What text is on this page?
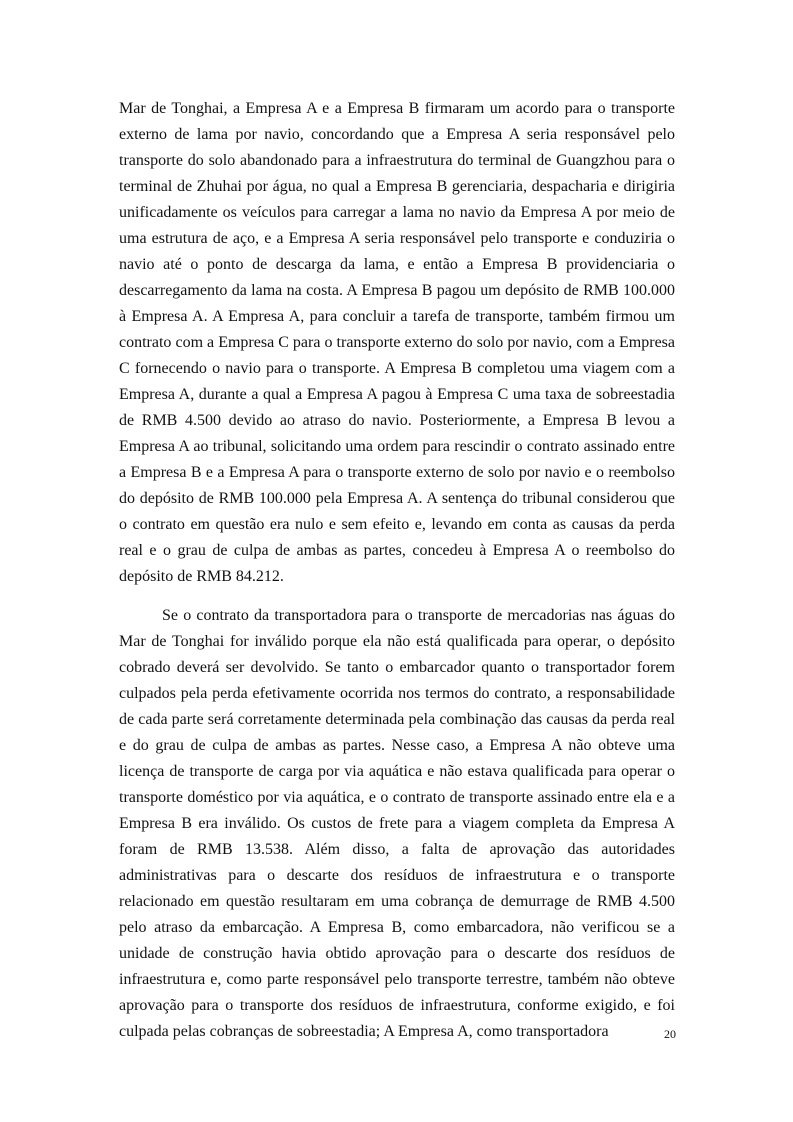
Mar de Tonghai, a Empresa A e a Empresa B firmaram um acordo para o transporte externo de lama por navio, concordando que a Empresa A seria responsável pelo transporte do solo abandonado para a infraestrutura do terminal de Guangzhou para o terminal de Zhuhai por água, no qual a Empresa B gerenciaria, despacharia e dirigiria unificadamente os veículos para carregar a lama no navio da Empresa A por meio de uma estrutura de aço, e a Empresa A seria responsável pelo transporte e conduziria o navio até o ponto de descarga da lama, e então a Empresa B providenciaria o descarregamento da lama na costa. A Empresa B pagou um depósito de RMB 100.000 à Empresa A. A Empresa A, para concluir a tarefa de transporte, também firmou um contrato com a Empresa C para o transporte externo do solo por navio, com a Empresa C fornecendo o navio para o transporte. A Empresa B completou uma viagem com a Empresa A, durante a qual a Empresa A pagou à Empresa C uma taxa de sobreestadia de RMB 4.500 devido ao atraso do navio. Posteriormente, a Empresa B levou a Empresa A ao tribunal, solicitando uma ordem para rescindir o contrato assinado entre a Empresa B e a Empresa A para o transporte externo de solo por navio e o reembolso do depósito de RMB 100.000 pela Empresa A. A sentença do tribunal considerou que o contrato em questão era nulo e sem efeito e, levando em conta as causas da perda real e o grau de culpa de ambas as partes, concedeu à Empresa A o reembolso do depósito de RMB 84.212.

Se o contrato da transportadora para o transporte de mercadorias nas águas do Mar de Tonghai for inválido porque ela não está qualificada para operar, o depósito cobrado deverá ser devolvido. Se tanto o embarcador quanto o transportador forem culpados pela perda efetivamente ocorrida nos termos do contrato, a responsabilidade de cada parte será corretamente determinada pela combinação das causas da perda real e do grau de culpa de ambas as partes. Nesse caso, a Empresa A não obteve uma licença de transporte de carga por via aquática e não estava qualificada para operar o transporte doméstico por via aquática, e o contrato de transporte assinado entre ela e a Empresa B era inválido. Os custos de frete para a viagem completa da Empresa A foram de RMB 13.538. Além disso, a falta de aprovação das autoridades administrativas para o descarte dos resíduos de infraestrutura e o transporte relacionado em questão resultaram em uma cobrança de demurrage de RMB 4.500 pelo atraso da embarcação. A Empresa B, como embarcadora, não verificou se a unidade de construção havia obtido aprovação para o descarte dos resíduos de infraestrutura e, como parte responsável pelo transporte terrestre, também não obteve aprovação para o transporte dos resíduos de infraestrutura, conforme exigido, e foi culpada pelas cobranças de sobreestadia; A Empresa A, como transportadora	20
